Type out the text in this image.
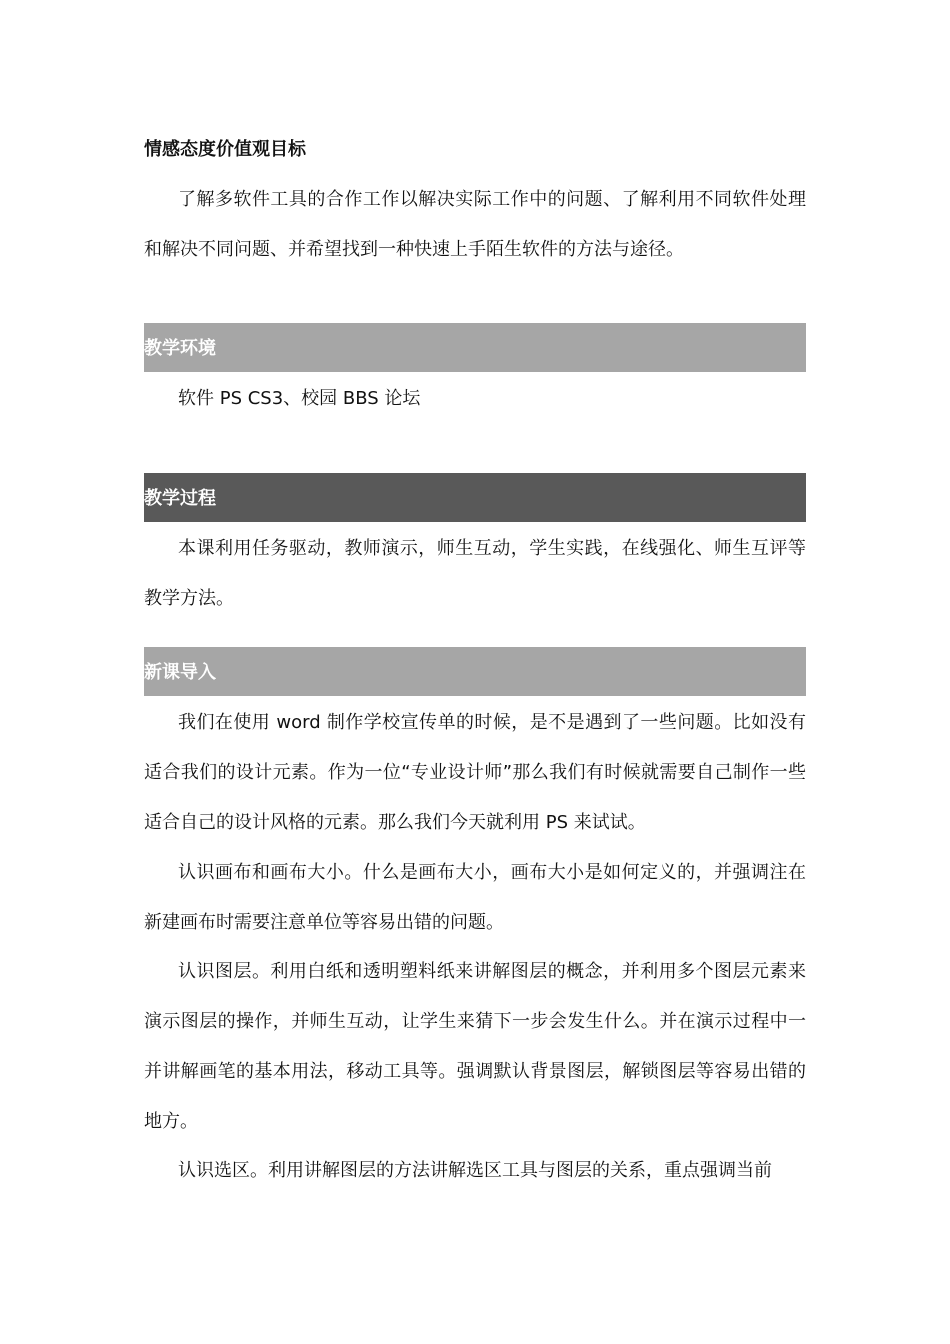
情感态度价值观目标
了解多软件工具的合作工作以解决实际工作中的问题、了解利用不同软件处理和解决不同问题、并希望找到一种快速上手陌生软件的方法与途径。
教学环境
软件 PS CS3、校园 BBS 论坛
教学过程
本课利用任务驱动，教师演示，师生互动，学生实践，在线强化、师生互评等教学方法。
新课导入
我们在使用 word 制作学校宣传单的时候，是不是遇到了一些问题。比如没有适合我们的设计元素。作为一位“专业设计师”那么我们有时候就需要自己制作一些适合自己的设计风格的元素。那么我们今天就利用 PS 来试试。
认识画布和画布大小。什么是画布大小，画布大小是如何定义的，并强调注在新建画布时需要注意单位等容易出错的问题。
认识图层。利用白纸和透明塑料纸来讲解图层的概念，并利用多个图层元素来演示图层的操作，并师生互动，让学生来猜下一步会发生什么。并在演示过程中一并讲解画笔的基本用法，移动工具等。强调默认背景图层，解锁图层等容易出错的地方。
认识选区。利用讲解图层的方法讲解选区工具与图层的关系，重点强调当前
